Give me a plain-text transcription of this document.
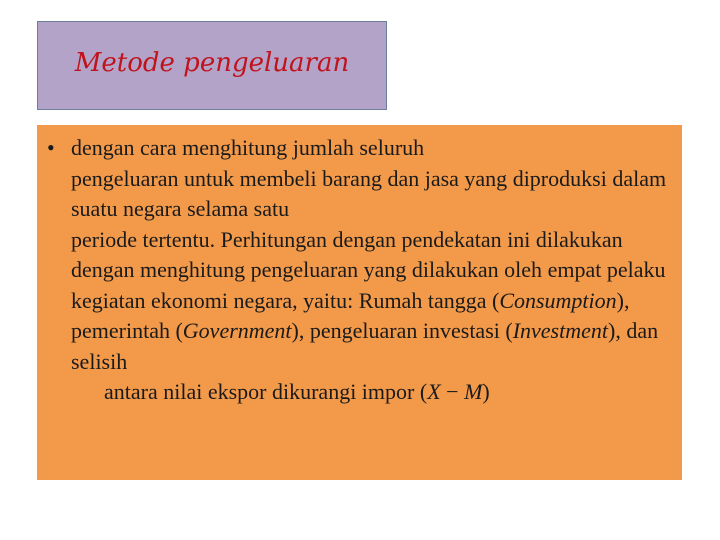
Metode pengeluaran
• dengan cara menghitung jumlah seluruh pengeluaran untuk membeli barang dan jasa yang diproduksi dalam suatu negara selama satu periode tertentu. Perhitungan dengan pendekatan ini dilakukan dengan menghitung pengeluaran yang dilakukan oleh empat pelaku kegiatan ekonomi negara, yaitu: Rumah tangga (Consumption), pemerintah (Government), pengeluaran investasi (Investment), dan selisih
antara nilai ekspor dikurangi impor (X − M)
